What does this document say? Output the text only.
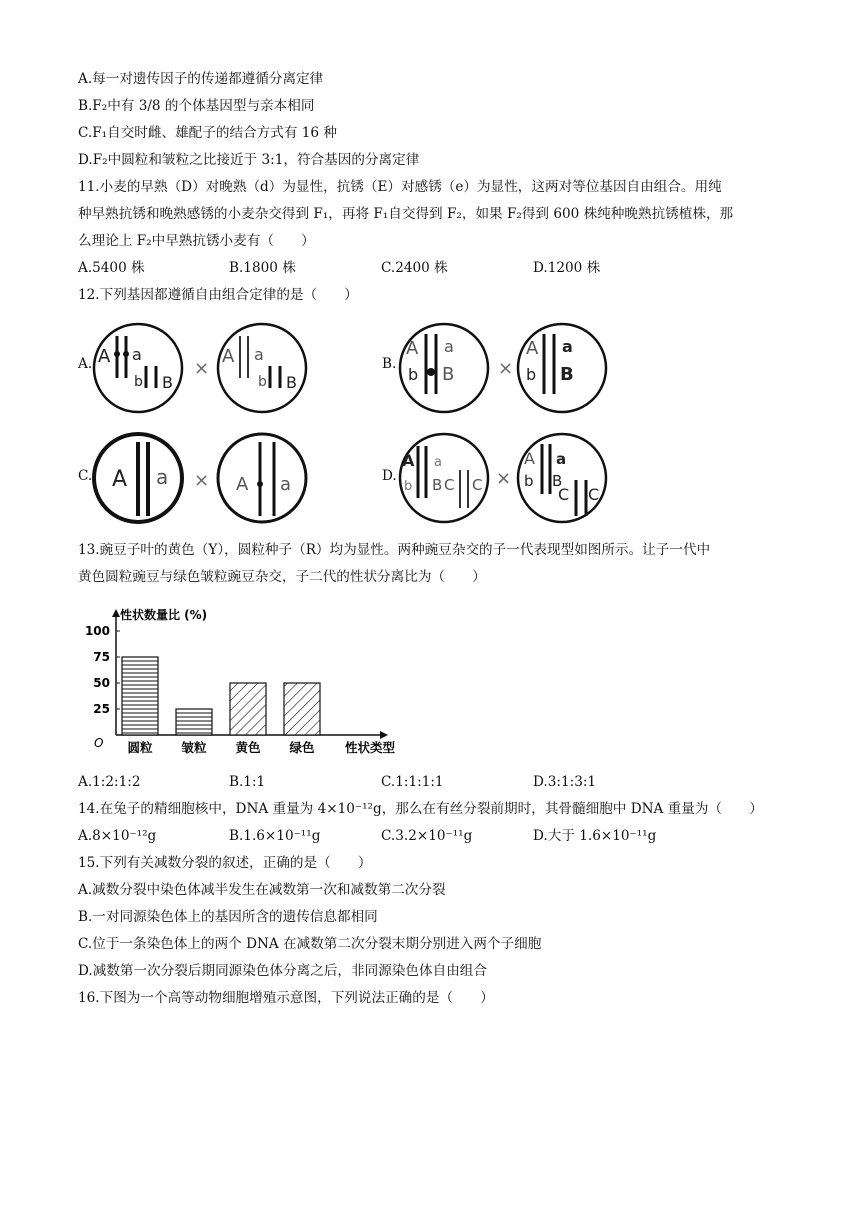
A.每一对遗传因子的传递都遵循分离定律
B.F₂中有 3/8 的个体基因型与亲本相同
C.F₁自交时雌、雄配子的结合方式有 16 种
D.F₂中圆粒和皱粒之比接近于 3:1，符合基因的分离定律
11.小麦的早熟（D）对晚熟（d）为显性，抗锈（E）对感锈（e）为显性，这两对等位基因自由组合。用纯
种早熟抗锈和晚熟感锈的小麦杂交得到 F₁，再将 F₁自交得到 F₂，如果 F₂得到 600 株纯种晚熟抗锈植株，那
么理论上 F₂中早熟抗锈小麦有（　　）
A.5400 株	B.1800 株	C.2400 株	D.1200 株
12.下列基因都遵循自由组合定律的是（　　）
A.	B.
C.	D.
A a
b B
×
A a
b B
A a
b B ×
A a
b B
A a × A a
A a
b B C C ×
A a
b B
C C
13.豌豆子叶的黄色（Y），圆粒种子（R）均为显性。两种豌豆杂交的子一代表现型如图所示。让子一代中
黄色圆粒豌豆与绿色皱粒豌豆杂交，子二代的性状分离比为（　　）
性状数量比 (%)
O
25
50
75
100
圆粒 皱粒 黄色 绿色 性状类型
A.1:2:1:2	B.1:1	C.1:1:1:1	D.3:1:3:1
14.在兔子的精细胞核中，DNA 重量为 4×10⁻¹²g，那么在有丝分裂前期时，其骨髓细胞中 DNA 重量为（　　）
A.8×10⁻¹²g	B.1.6×10⁻¹¹g	C.3.2×10⁻¹¹g	D.大于 1.6×10⁻¹¹g
15.下列有关减数分裂的叙述，正确的是（　　）
A.减数分裂中染色体减半发生在减数第一次和减数第二次分裂
B.一对同源染色体上的基因所含的遗传信息都相同
C.位于一条染色体上的两个 DNA 在减数第二次分裂末期分别进入两个子细胞
D.减数第一次分裂后期同源染色体分离之后，非同源染色体自由组合
16.下图为一个高等动物细胞增殖示意图，下列说法正确的是（　　）
